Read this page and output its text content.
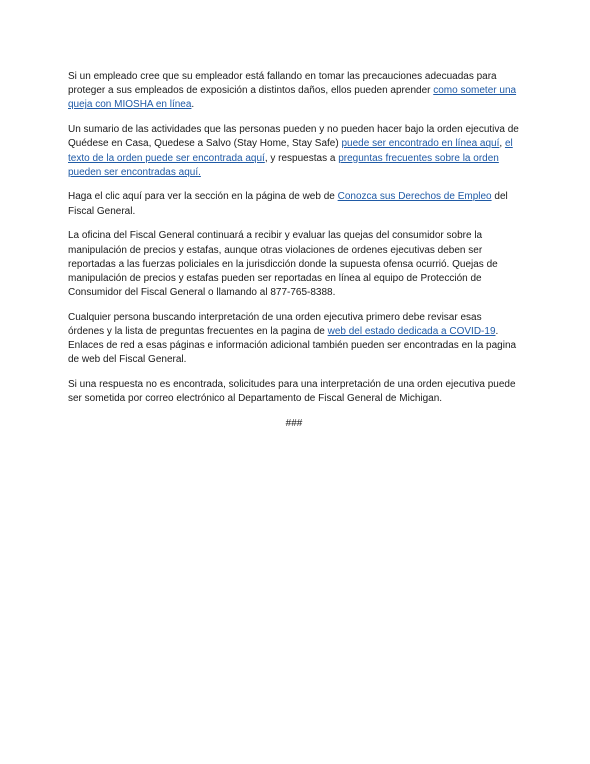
Si un empleado cree que su empleador está fallando en tomar las precauciones adecuadas para proteger a sus empleados de exposición a distintos daños, ellos pueden aprender como someter una queja con MIOSHA en línea.

Un sumario de las actividades que las personas pueden y no pueden hacer bajo la orden ejecutiva de Quédese en Casa, Quedese a Salvo (Stay Home, Stay Safe) puede ser encontrado en línea aquí, el texto de la orden puede ser encontrada aquí, y respuestas a preguntas frecuentes sobre la orden pueden ser encontradas aquí.

Haga el clic aquí para ver la sección en la página de web de Conozca sus Derechos de Empleo del Fiscal General.

La oficina del Fiscal General continuará a recibir y evaluar las quejas del consumidor sobre la manipulación de precios y estafas, aunque otras violaciones de ordenes ejecutivas deben ser reportadas a las fuerzas policiales en la jurisdicción donde la supuesta ofensa ocurrió. Quejas de manipulación de precios y estafas pueden ser reportadas en línea al equipo de Protección de Consumidor del Fiscal General o llamando al 877-765-8388.

Cualquier persona buscando interpretación de una orden ejecutiva primero debe revisar esas órdenes y la lista de preguntas frecuentes en la pagina de web del estado dedicada a COVID-19. Enlaces de red a esas páginas e información adicional también pueden ser encontradas en la pagina de web del Fiscal General.

Si una respuesta no es encontrada, solicitudes para una interpretación de una orden ejecutiva puede ser sometida por correo electrónico al Departamento de Fiscal General de Michigan.

###
